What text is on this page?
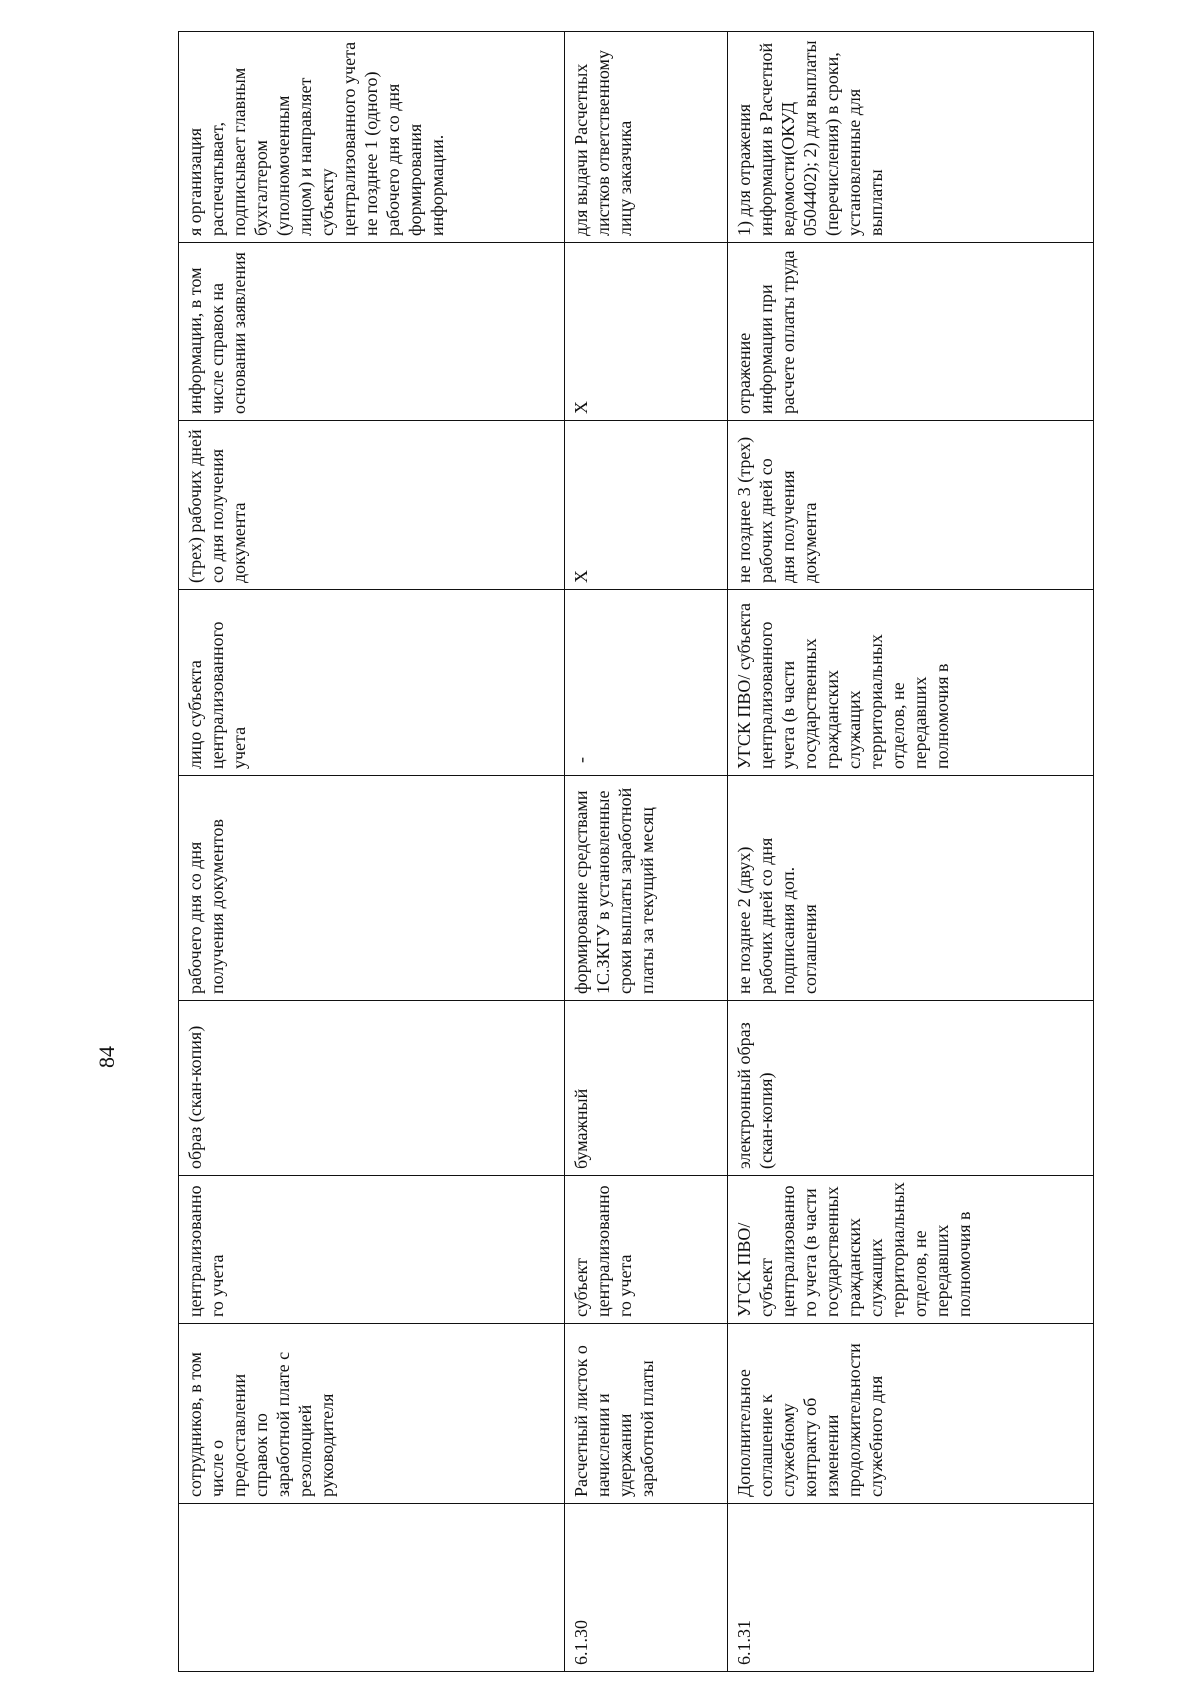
84
	сотрудников, в том числе о предоставлении справок по заработной плате с резолюцией руководителя	централизованного учета	образ (скан-копия)	рабочего дня со дня получения документов	лицо субъекта централизованного учета	(трех) рабочих дней со дня получения документа	информации, в том числе справок на основании заявления	я организация распечатывает, подписывает главным бухгалтером (уполномоченным лицом) и направляет субъекту централизованного учета не позднее 1 (одного) рабочего дня со дня формирования информации.
6.1.30	Расчетный листок о начислении и удержании заработной платы	субъект централизованного учета	бумажный	формирование средствами 1С.ЗКГУ в установленные сроки выплаты заработной платы за текущий месяц	-	Х	Х	для выдачи Расчетных листков ответственному лицу заказчика
6.1.31	Дополнительное соглашение к служебному контракту об изменении продолжительности служебного дня	УГСК ПВО/ субъект централизованного учета (в части государственных гражданских служащих территориальных отделов, не передавших полномочия в	электронный образ (скан-копия)	не позднее 2 (двух) рабочих дней со дня подписания доп. соглашения	УГСК ПВО/ субъекта централизованного учета (в части государственных гражданских служащих территориальных отделов, не передавших полномочия в	не позднее 3 (трех) рабочих дней со дня получения документа	отражение информации при расчете оплаты труда	1) для отражения информации в Расчетной ведомости(ОКУД 0504402); 2) для выплаты (перечисления) в сроки, установленные для выплаты
